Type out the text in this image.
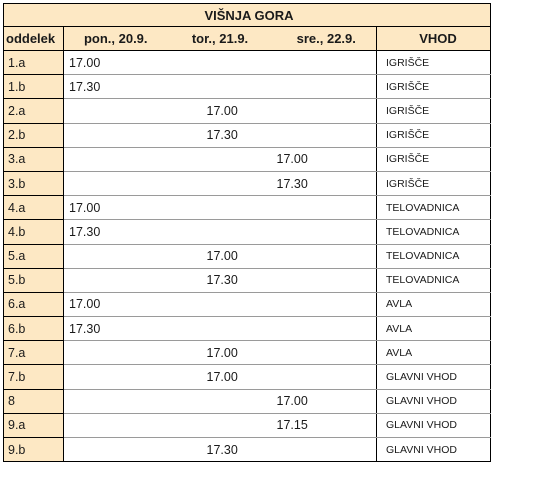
VIŠNJA GORA				
oddelek	pon., 20.9.	tor., 21.9.	sre., 22.9.	VHOD
1.a	17.00			IGRIŠČE
1.b	17.30			IGRIŠČE
2.a		17.00		IGRIŠČE
2.b		17.30		IGRIŠČE
3.a			17.00	IGRIŠČE
3.b			17.30	IGRIŠČE
4.a	17.00			TELOVADNICA
4.b	17.30			TELOVADNICA
5.a		17.00		TELOVADNICA
5.b		17.30		TELOVADNICA
6.a	17.00			AVLA
6.b	17.30			AVLA
7.a		17.00		AVLA
7.b		17.00		GLAVNI VHOD
8			17.00	GLAVNI VHOD
9.a			17.15	GLAVNI VHOD
9.b		17.30		GLAVNI VHOD
